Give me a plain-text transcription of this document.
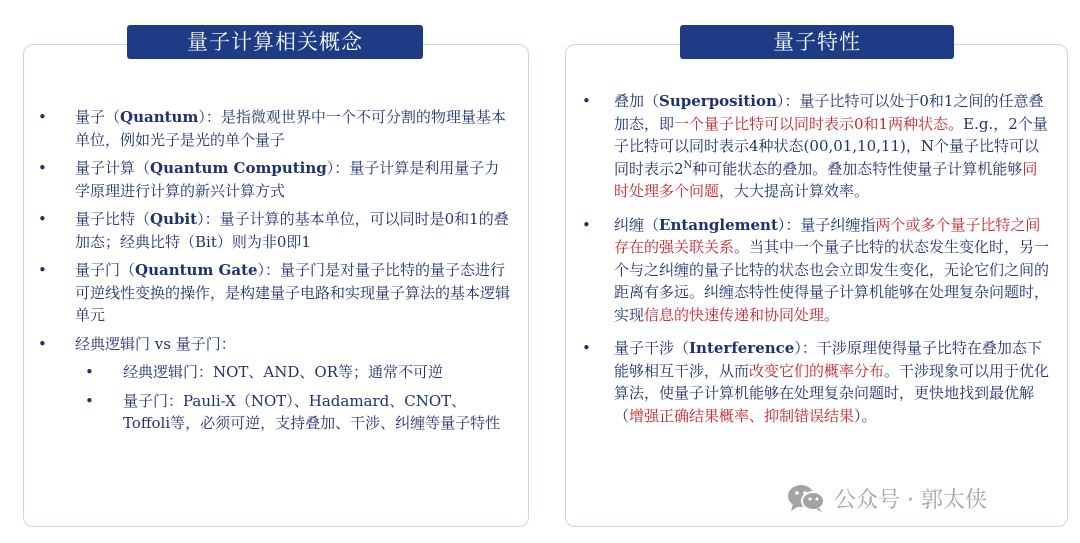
量子计算相关概念	量子特性
• 量子（Quantum）：是指微观世界中一个不可分割的物理量基本单位，例如光子是光的单个量子
• 量子计算（Quantum Computing）：量子计算是利用量子力学原理进行计算的新兴计算方式
• 量子比特（Qubit）：量子计算的基本单位，可以同时是0和1的叠加态；经典比特（Bit）则为非0即1
• 量子门（Quantum Gate）：量子门是对量子比特的量子态进行可逆线性变换的操作，是构建量子电路和实现量子算法的基本逻辑单元
• 经典逻辑门 vs 量子门：
• 经典逻辑门：NOT、AND、OR等；通常不可逆
• 量子门：Pauli-X（NOT）、Hadamard、CNOT、Toffoli等，必须可逆，支持叠加、干涉、纠缠等量子特性
• 叠加（Superposition）：量子比特可以处于0和1之间的任意叠加态，即一个量子比特可以同时表示0和1两种状态。E.g.，2个量子比特可以同时表示4种状态(00,01,10,11)，N个量子比特可以同时表示$2^N$种可能状态的叠加。叠加态特性使量子计算机能够同时处理多个问题，大大提高计算效率。
• 纠缠（Entanglement）：量子纠缠指两个或多个量子比特之间存在的强关联关系。当其中一个量子比特的状态发生变化时，另一个与之纠缠的量子比特的状态也会立即发生变化，无论它们之间的距离有多远。纠缠态特性使得量子计算机能够在处理复杂问题时，实现信息的快速传递和协同处理。
• 量子干涉（Interference）：干涉原理使得量子比特在叠加态下能够相互干涉，从而改变它们的概率分布。干涉现象可以用于优化算法，使量子计算机能够在处理复杂问题时，更快地找到最优解（增强正确结果概率、抑制错误结果）。
公众号 · 郭太侠
